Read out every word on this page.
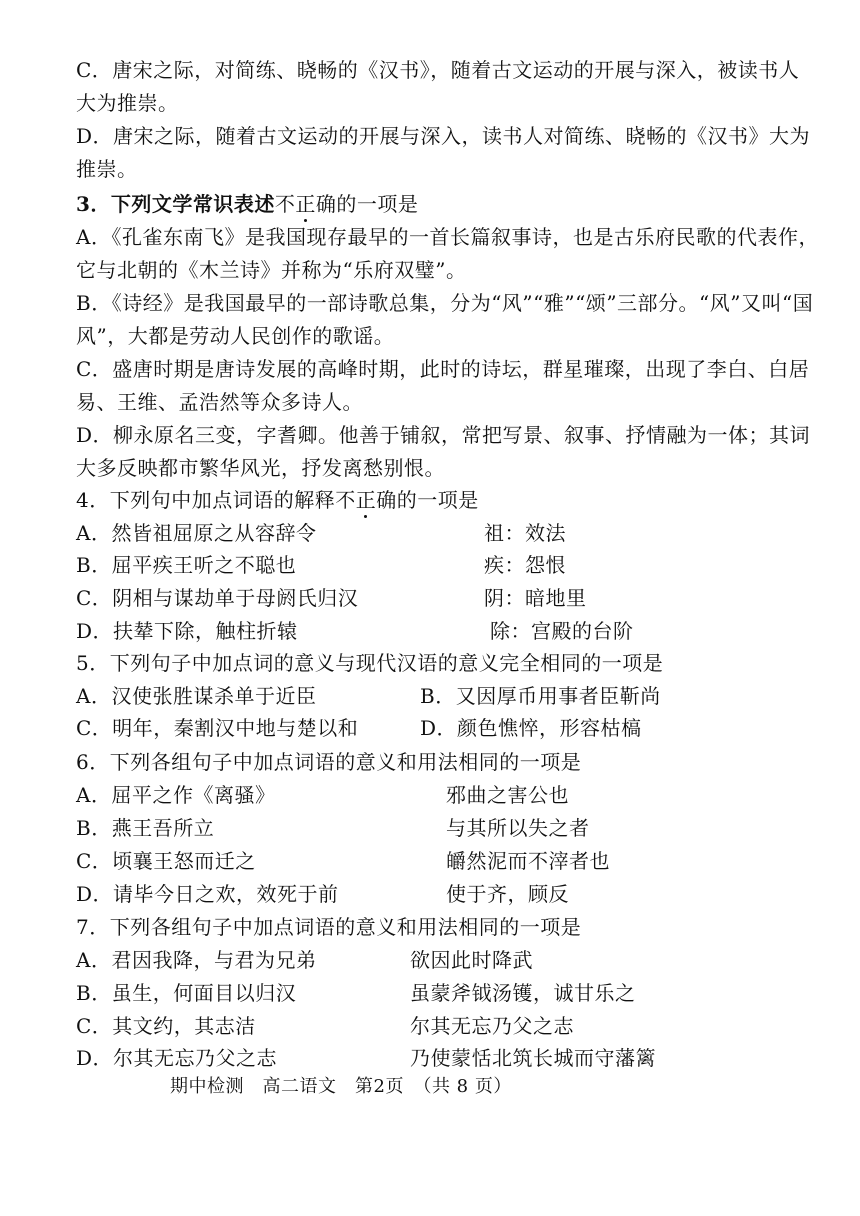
C．唐宋之际，对简练、晓畅的《汉书》，随着古文运动的开展与深入，被读书人
大为推崇。
D．唐宋之际，随着古文运动的开展与深入，读书人对简练、晓畅的《汉书》大为
推崇。
3．下列文学常识表述不正确的一项是
A．《孔雀东南飞》是我国现存最早的一首长篇叙事诗，也是古乐府民歌的代表作，
它与北朝的《木兰诗》并称为“乐府双璧”。
B．《诗经》是我国最早的一部诗歌总集，分为“风”“雅”“颂”三部分。“风”又叫“国
风”，大都是劳动人民创作的歌谣。
C．盛唐时期是唐诗发展的高峰时期，此时的诗坛，群星璀璨，出现了李白、白居
易、王维、孟浩然等众多诗人。
D．柳永原名三变，字耆卿。他善于铺叙，常把写景、叙事、抒情融为一体；其词
大多反映都市繁华风光，抒发离愁别恨。
4．下列句中加点词语的解释不正确的一项是
A．然皆祖屈原之从容辞令	祖：效法
B．屈平疾王听之不聪也	疾：怨恨
C．阴相与谋劫单于母阏氏归汉	阴：暗地里
D．扶辇下除，触柱折辕	除：宫殿的台阶
5．下列句子中加点词的意义与现代汉语的意义完全相同的一项是
A．汉使张胜谋杀单于近臣	B．又因厚币用事者臣靳尚
C．明年，秦割汉中地与楚以和	D．颜色憔悴，形容枯槁
6．下列各组句子中加点词语的意义和用法相同的一项是
A．屈平之作《离骚》	邪曲之害公也
B．燕王吾所立	与其所以失之者
C．顷襄王怒而迁之	皭然泥而不滓者也
D．请毕今日之欢，效死于前	使于齐，顾反
7．下列各组句子中加点词语的意义和用法相同的一项是
A．君因我降，与君为兄弟	欲因此时降武
B．虽生，何面目以归汉	虽蒙斧钺汤镬，诚甘乐之
C．其文约，其志洁	尔其无忘乃父之志
D．尔其无忘乃父之志	乃使蒙恬北筑长城而守藩篱
期中检测　高二语文　第2页　（共 8 页）
